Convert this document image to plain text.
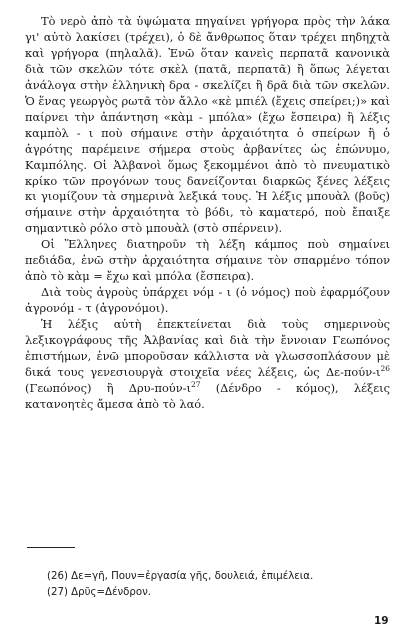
Τὸ νερὸ ἀπὸ τὰ ὑψώματα πηγαίνει γρήγορα πρὸς τὴν λάκα γι' αὐτὸ λακίσει (τρέχει), ὁ δὲ ἄνθρωπος ὅταν τρέχει πηδηχτὰ καὶ γρήγορα (πηλαλᾶ). Ἐνῶ ὅταν κανεὶς περπατᾶ κανονικὰ διὰ τῶν σκελῶν τότε σκὲλ (πατᾶ, περπατᾶ) ἢ ὅπως λέγεται ἀνάλογα στὴν ἑλληνικὴ δρα - σκελίζει ἢ δρᾶ διὰ τῶν σκελῶν. Ὁ ἕνας γεωργὸς ρωτᾶ τὸν ἄλλο «κὲ μπιέλ (ἔχεις σπείρει;)» καὶ παίρνει τὴν ἀπάντηση «κὰμ - μπόλα» (ἔχω ἔσπειρα) ἢ λέξις καμπὸλ - ι ποὺ σήμαινε στὴν ἀρχαιότητα ὁ σπείρων ἢ ὁ ἀγρότης παρέμεινε σήμερα στοὺς ἀρβανίτες ὡς ἐπώνυμο, Καμπόλης. Οἱ Ἀλβανοὶ ὅμως ξεκομμένοι ἀπὸ τὸ πνευματικὸ κρίκο τῶν προγόνων τους δανείζονται διαρκῶς ξένες λέξεις κι γιομίζουν τὰ σημερινὰ λεξικά τους. Ἡ λέξις μπουὰλ (βοῦς) σήμαινε στὴν ἀρχαιότητα τὸ βόδι, τὸ καματερό, ποὺ ἔπαιξε σημαντικὸ ρόλο στὸ μπουὰλ (στὸ σπέρνειν).

Οἱ Ἕλληνες διατηροῦν τὴ λέξη κάμπος ποὺ σημαίνει πεδιάδα, ἐνῶ στὴν ἀρχαιότητα σήμαινε τὸν σπαρμένο τόπον ἀπὸ τὸ κὰμ = ἔχω καὶ μπόλα (ἔσπειρα).

Διὰ τοὺς ἀγροὺς ὑπάρχει νόμ - ι (ὁ νόμος) ποὺ ἐφαρμόζουν ἀγρονόμ - τ (ἀγρονόμοι).

Ἡ λέξις αὐτὴ ἐπεκτείνεται διὰ τοὺς σημερινοὺς λεξικογράφους τῆς Ἀλβανίας καὶ διὰ τὴν ἔννοιαν Γεωπόνος ἐπιστήμων, ἐνῶ μποροῦσαν κάλλιστα νὰ γλωσσοπλάσουν μὲ δικά τους γενεσιουργὰ στοιχεῖα νέες λέξεις, ὡς $\Delta\varepsilon-\pi oύ\nu-\iota^{26}$ (Γεωπόνος) ἢ Δρυ-$\pi oύ\nu-\iota^{27}$ (Δένδρο - κόμος), λέξεις κατανοητὲς ἄμεσα ἀπὸ τὸ λαό.

(26) Δε=γῆ, Πουν=ἐργασία γῆς, δουλειά, ἐπιμέλεια.
(27) Δρῦς=Δένδρον.
19
